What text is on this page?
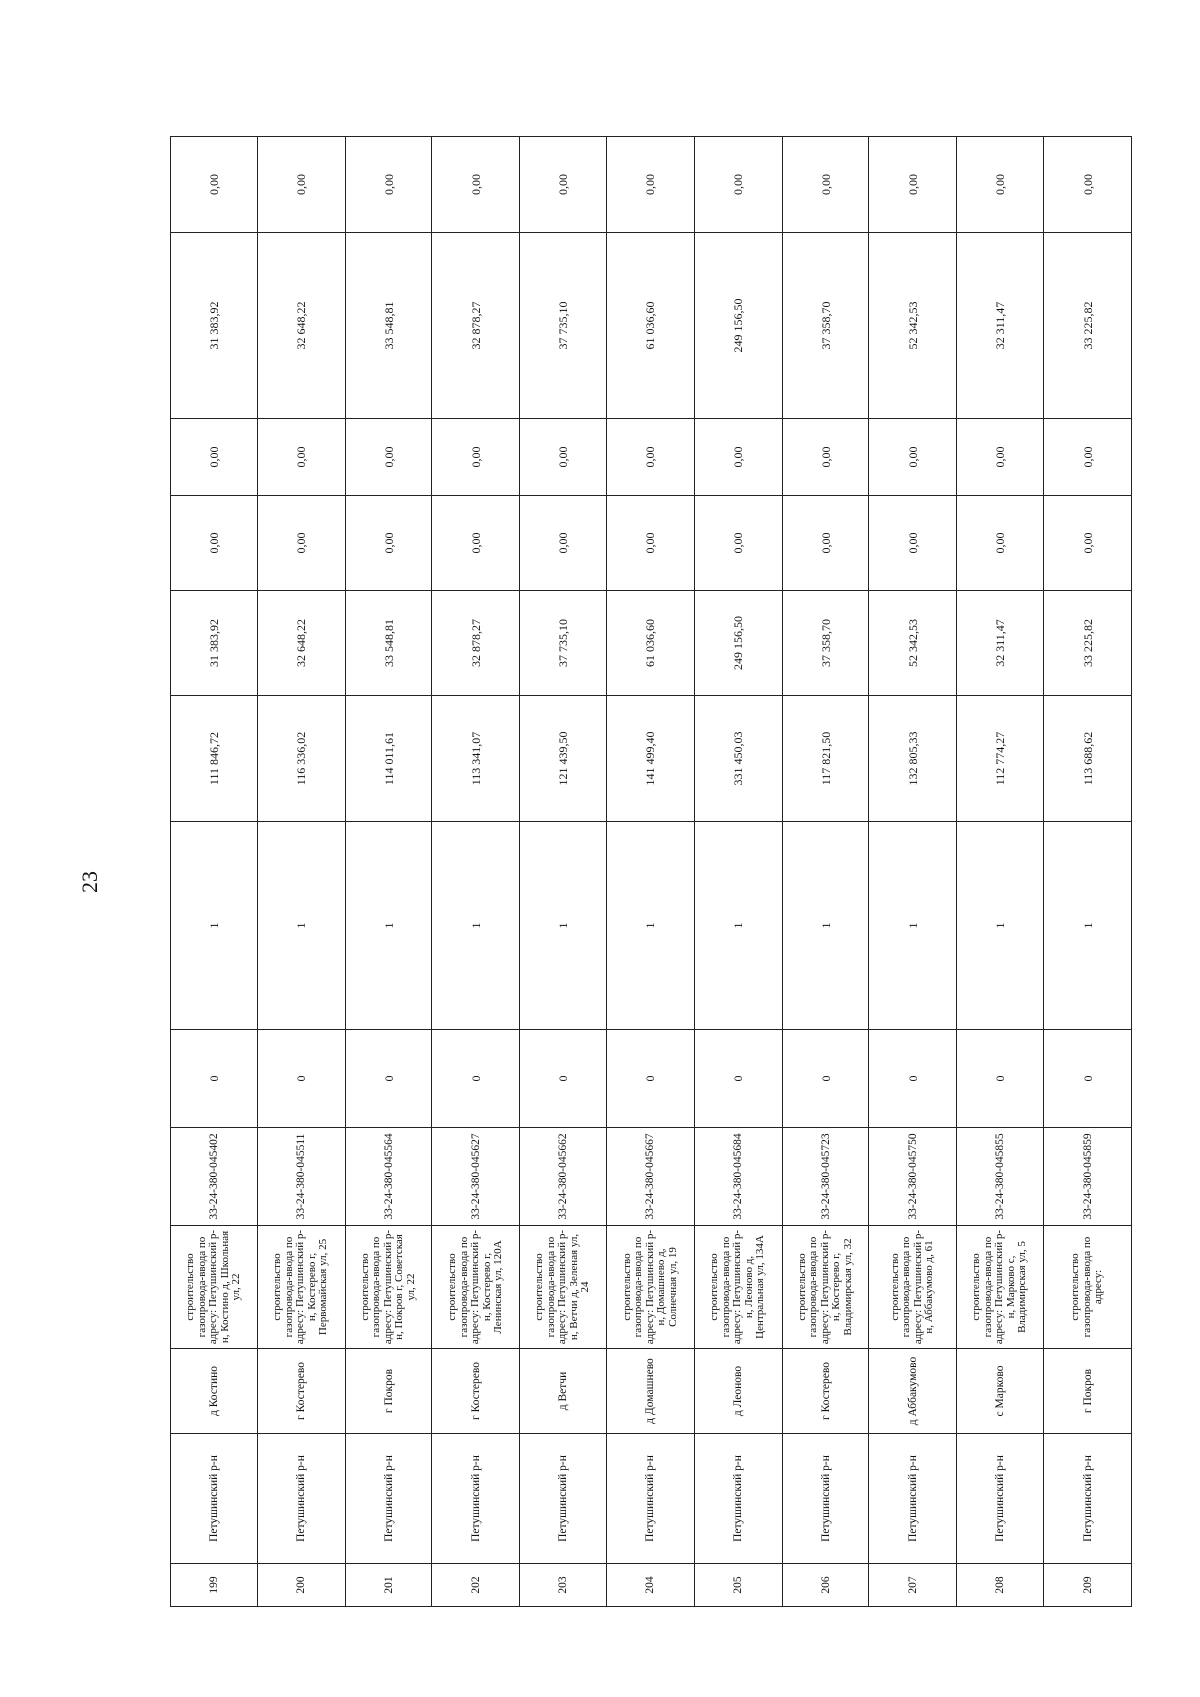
23
199	Петушинский р-н	д Костино	строительство газопровода-ввода по адресу: Петушинский р-н, Костино д, Школьная ул, 22	33-24-380-045402	0	1	111 846,72	31 383,92	0,00	0,00	31 383,92	0,00
200	Петушинский р-н	г Костерево	строительство газопровода-ввода по адресу: Петушинский р-н, Костерево г, Первомайская ул, 25	33-24-380-045511	0	1	116 336,02	32 648,22	0,00	0,00	32 648,22	0,00
201	Петушинский р-н	г Покров	строительство газопровода-ввода по адресу: Петушинский р-н, Покров г, Советская ул, 22	33-24-380-045564	0	1	114 011,61	33 548,81	0,00	0,00	33 548,81	0,00
202	Петушинский р-н	г Костерево	строительство газопровода-ввода по адресу: Петушинский р-н, Костерево г, Ленинская ул, 120А	33-24-380-045627	0	1	113 341,07	32 878,27	0,00	0,00	32 878,27	0,00
203	Петушинский р-н	д Ветчи	строительство газопровода-ввода по адресу: Петушинский р-н, Ветчи д, Зеленая ул, 24	33-24-380-045662	0	1	121 439,50	37 735,10	0,00	0,00	37 735,10	0,00
204	Петушинский р-н	д Домашнево	строительство газопровода-ввода по адресу: Петушинский р-н, Домашнево д, Солнечная ул, 19	33-24-380-045667	0	1	141 499,40	61 036,60	0,00	0,00	61 036,60	0,00
205	Петушинский р-н	д Леоново	строительство газопровода-ввода по адресу: Петушинский р-н, Леоново д, Центральная ул, 134А	33-24-380-045684	0	1	331 450,03	249 156,50	0,00	0,00	249 156,50	0,00
206	Петушинский р-н	г Костерево	строительство газопровода-ввода по адресу: Петушинский р-н, Костерево г, Владимирская ул, 32	33-24-380-045723	0	1	117 821,50	37 358,70	0,00	0,00	37 358,70	0,00
207	Петушинский р-н	д Аббакумово	строительство газопровода-ввода по адресу: Петушинский р-н, Аббакумово д, 61	33-24-380-045750	0	1	132 805,33	52 342,53	0,00	0,00	52 342,53	0,00
208	Петушинский р-н	с Марково	строительство газопровода-ввода по адресу: Петушинский р-н, Марково с, Владимирская ул, 5	33-24-380-045855	0	1	112 774,27	32 311,47	0,00	0,00	32 311,47	0,00
209	Петушинский р-н	г Покров	строительство газопровода-ввода по адресу:	33-24-380-045859	0	1	113 688,62	33 225,82	0,00	0,00	33 225,82	0,00
